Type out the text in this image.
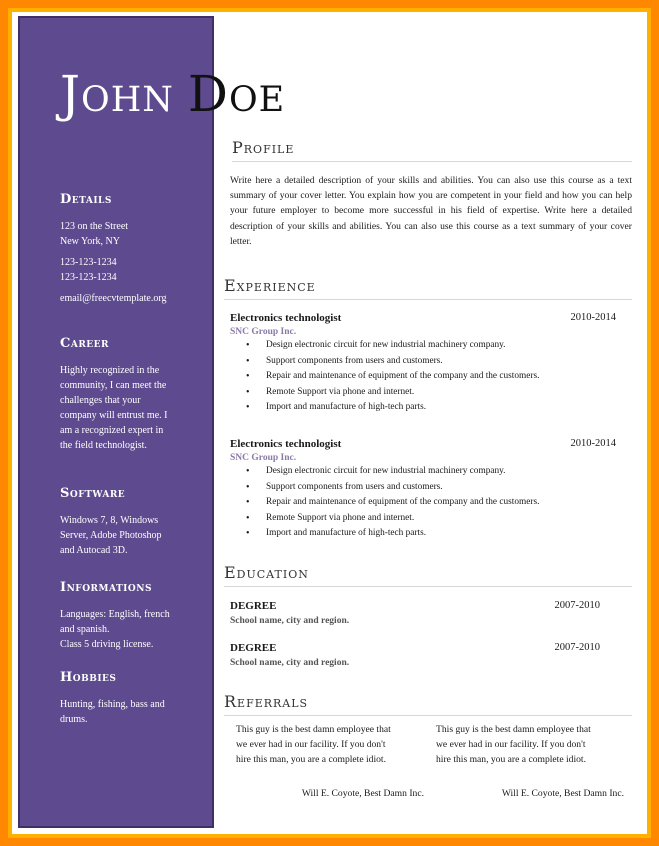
Details
123 on the Street
New York, NY
123-123-1234
123-123-1234
email@freecvtemplate.org
Career
Highly recognized in the
community, I can meet the
challenges that your
company will entrust me. I
am a recognized expert in
the field technologist.
Software
Windows 7, 8, Windows
Server, Adobe Photoshop
and Autocad 3D.
Informations
Languages: English, french
and spanish.
Class 5 driving license.
Hobbies
Hunting, fishing, bass and
drums.
John Doe
Profile
Write here a detailed description of your skills and abilities. You can also use this course as a text summary of your cover letter. You explain how you are competent in your field and how you can help your future employer to become more successful in his field of expertise. Write here a detailed description of your skills and abilities. You can also use this course as a text summary of your cover letter.
Experience
Electronics technologist	2010-2014
SNC Group Inc.
• Design electronic circuit for new industrial machinery company.
• Support components from users and customers.
• Repair and maintenance of equipment of the company and the customers.
• Remote Support via phone and internet.
• Import and manufacture of high-tech parts.
Electronics technologist	2010-2014
SNC Group Inc.
• Design electronic circuit for new industrial machinery company.
• Support components from users and customers.
• Repair and maintenance of equipment of the company and the customers.
• Remote Support via phone and internet.
• Import and manufacture of high-tech parts.
Education
DEGREE	2007-2010
School name, city and region.
DEGREE	2007-2010
School name, city and region.
Referrals
This guy is the best damn employee that
we ever had in our facility. If you don't
hire this man, you are a complete idiot.
Will E. Coyote, Best Damn Inc.
This guy is the best damn employee that
we ever had in our facility. If you don't
hire this man, you are a complete idiot.
Will E. Coyote, Best Damn Inc.
